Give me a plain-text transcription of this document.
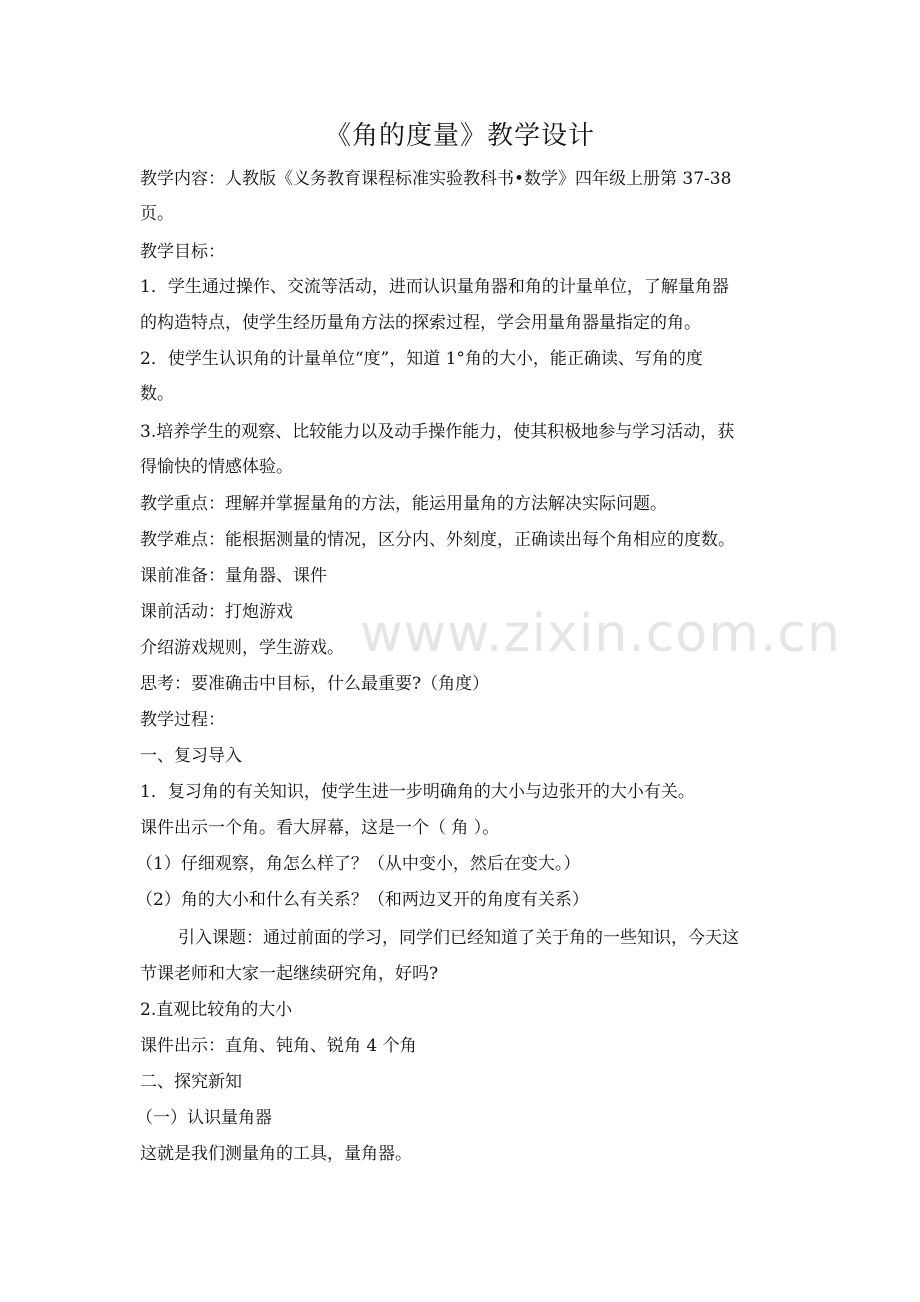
《角的度量》教学设计
教学内容：人教版《义务教育课程标准实验教科书•数学》四年级上册第 37-38
页。
教学目标：
1．学生通过操作、交流等活动，进而认识量角器和角的计量单位，了解量角器
的构造特点，使学生经历量角方法的探索过程，学会用量角器量指定的角。
2．使学生认识角的计量单位“度”，知道 1°角的大小，能正确读、写角的度
数。
3.培养学生的观察、比较能力以及动手操作能力，使其积极地参与学习活动，获
得愉快的情感体验。
教学重点：理解并掌握量角的方法，能运用量角的方法解决实际问题。
教学难点：能根据测量的情况，区分内、外刻度，正确读出每个角相应的度数。
课前准备：量角器、课件
课前活动：打炮游戏
介绍游戏规则，学生游戏。
思考：要准确击中目标，什么最重要?（角度）
教学过程：
一、复习导入
1．复习角的有关知识，使学生进一步明确角的大小与边张开的大小有关。
课件出示一个角。看大屏幕，这是一个（ 角 ）。
（1）仔细观察，角怎么样了？（从中变小，然后在变大。）
（2）角的大小和什么有关系？（和两边叉开的角度有关系）
引入课题：通过前面的学习，同学们已经知道了关于角的一些知识，今天这
节课老师和大家一起继续研究角，好吗?
2.直观比较角的大小
课件出示：直角、钝角、锐角 4 个角
二、探究新知
（一）认识量角器
这就是我们测量角的工具，量角器。
www.zixin.com.cn
